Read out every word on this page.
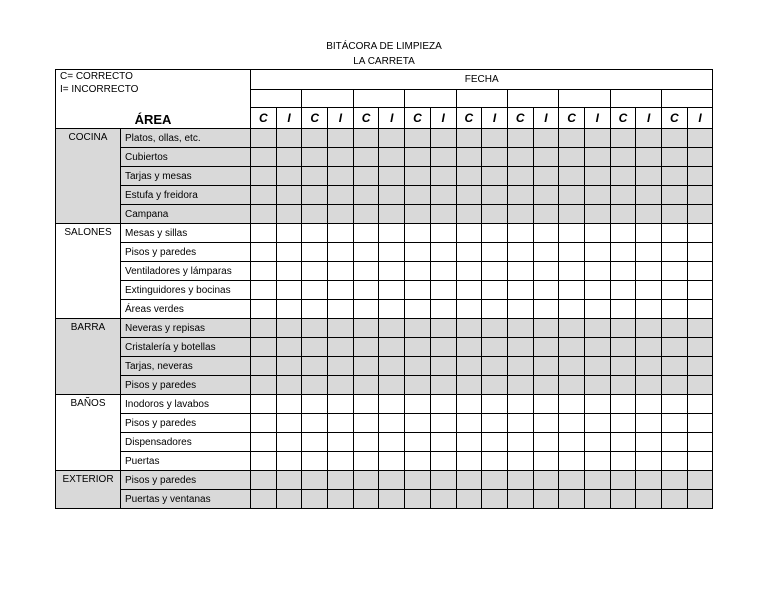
BITÁCORA DE LIMPIEZA
LA CARRETA
C= CORRECTO
I= INCORRECTO		FECHA																	

ÁREA		C	I	C	I	C	I	C	I	C	I	C	I	C	I	C	I	C	I
COCINA	Platos, ollas, etc.																		
	Cubiertos																		
	Tarjas y mesas																		
	Estufa y freidora																		
	Campana																		
SALONES	Mesas y sillas																		
	Pisos y paredes																		
	Ventiladores y lámparas																		
	Extinguidores y bocinas																		
	Áreas verdes																		
BARRA	Neveras y repisas																		
	Cristalería y botellas																		
	Tarjas, neveras																		
	Pisos y paredes																		
BAÑOS	Inodoros y lavabos																		
	Pisos y paredes																		
	Dispensadores																		
	Puertas																		
EXTERIOR	Pisos y paredes																		
	Puertas y ventanas																		
